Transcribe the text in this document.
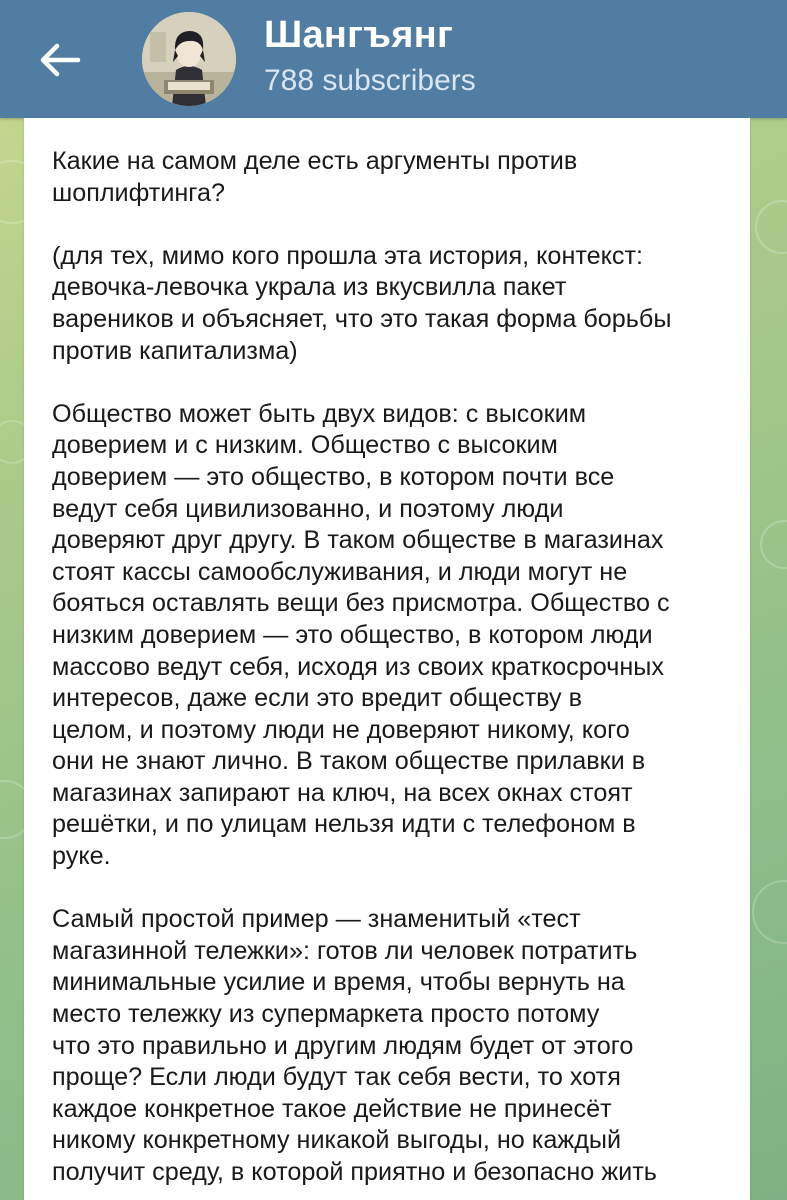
Шангъянг
788 subscribers

Какие на самом деле есть аргументы против
шоплифтинга?

(для тех, мимо кого прошла эта история, контекст:
девочка-левочка украла из вкусвилла пакет
вареников и объясняет, что это такая форма борьбы
против капитализма)

Общество может быть двух видов: с высоким
доверием и с низким. Общество с высоким
доверием — это общество, в котором почти все
ведут себя цивилизованно, и поэтому люди
доверяют друг другу. В таком обществе в магазинах
стоят кассы самообслуживания, и люди могут не
бояться оставлять вещи без присмотра. Общество с
низким доверием — это общество, в котором люди
массово ведут себя, исходя из своих краткосрочных
интересов, даже если это вредит обществу в
целом, и поэтому люди не доверяют никому, кого
они не знают лично. В таком обществе прилавки в
магазинах запирают на ключ, на всех окнах стоят
решётки, и по улицам нельзя идти с телефоном в
руке.

Самый простой пример — знаменитый «тест
магазинной тележки»: готов ли человек потратить
минимальные усилие и время, чтобы вернуть на
место тележку из супермаркета просто потому
что это правильно и другим людям будет от этого
проще? Если люди будут так себя вести, то хотя
каждое конкретное такое действие не принесёт
никому конкретному никакой выгоды, но каждый
получит среду, в которой приятно и безопасно жить
